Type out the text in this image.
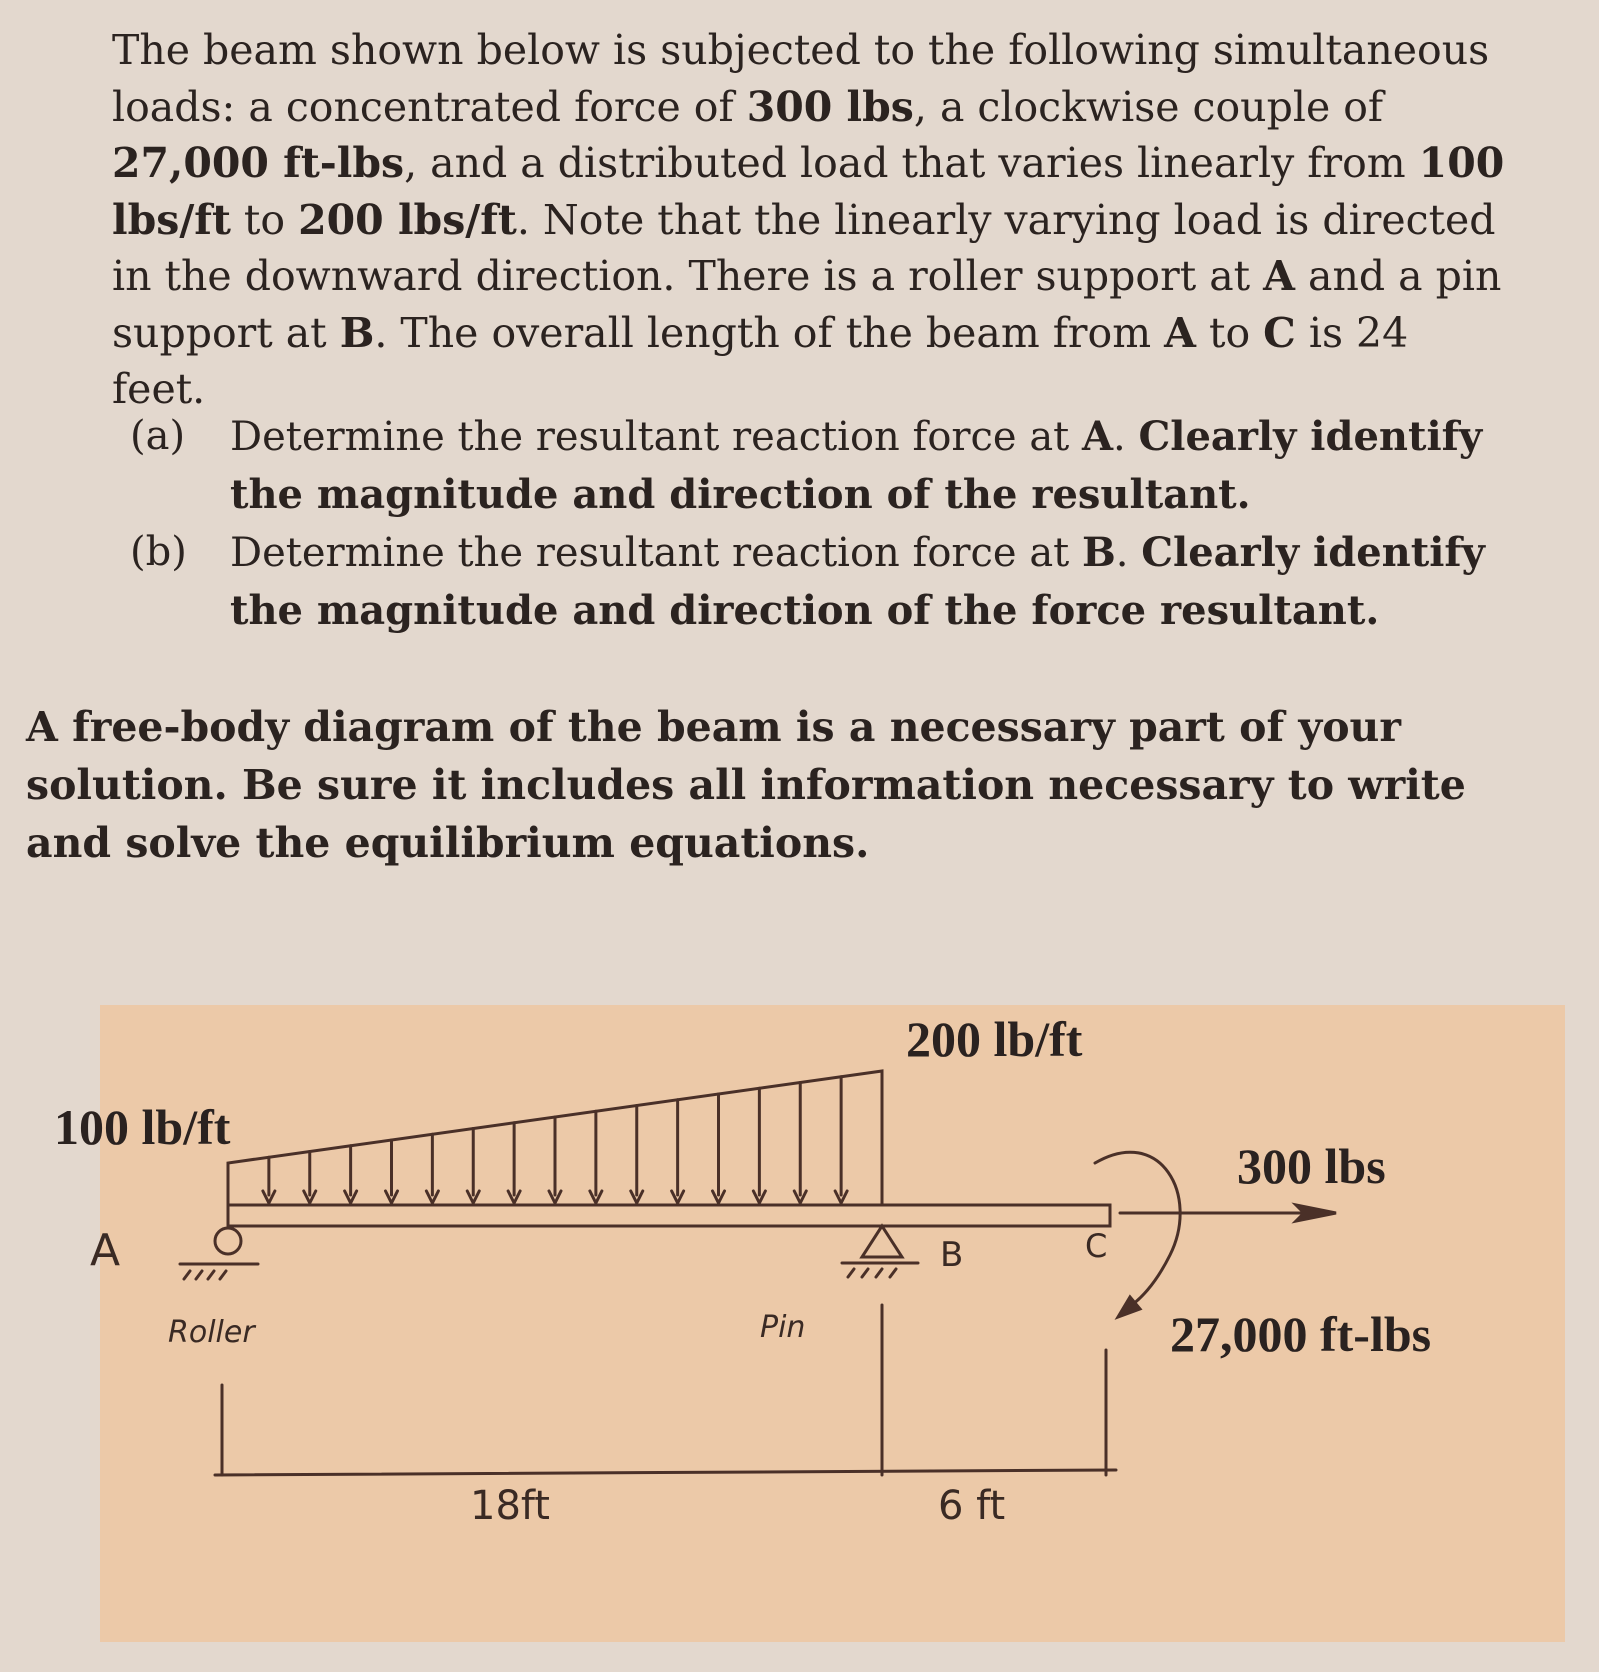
The beam shown below is subjected to the following simultaneous loads: a concentrated force of 300 lbs, a clockwise couple of 27,000 ft-lbs, and a distributed load that varies linearly from 100 lbs/ft to 200 lbs/ft. Note that the linearly varying load is directed in the downward direction. There is a roller support at A and a pin support at B. The overall length of the beam from A to C is 24 feet.

(a) Determine the resultant reaction force at A. Clearly identify the magnitude and direction of the resultant.
(b) Determine the resultant reaction force at B. Clearly identify the magnitude and direction of the force resultant.

A free-body diagram of the beam is a necessary part of your solution. Be sure it includes all information necessary to write and solve the equilibrium equations.

100 lb/ft
200 lb/ft
300 lbs
27,000 ft-lbs
A	B	C
Roller	Pin
18ft	6 ft
